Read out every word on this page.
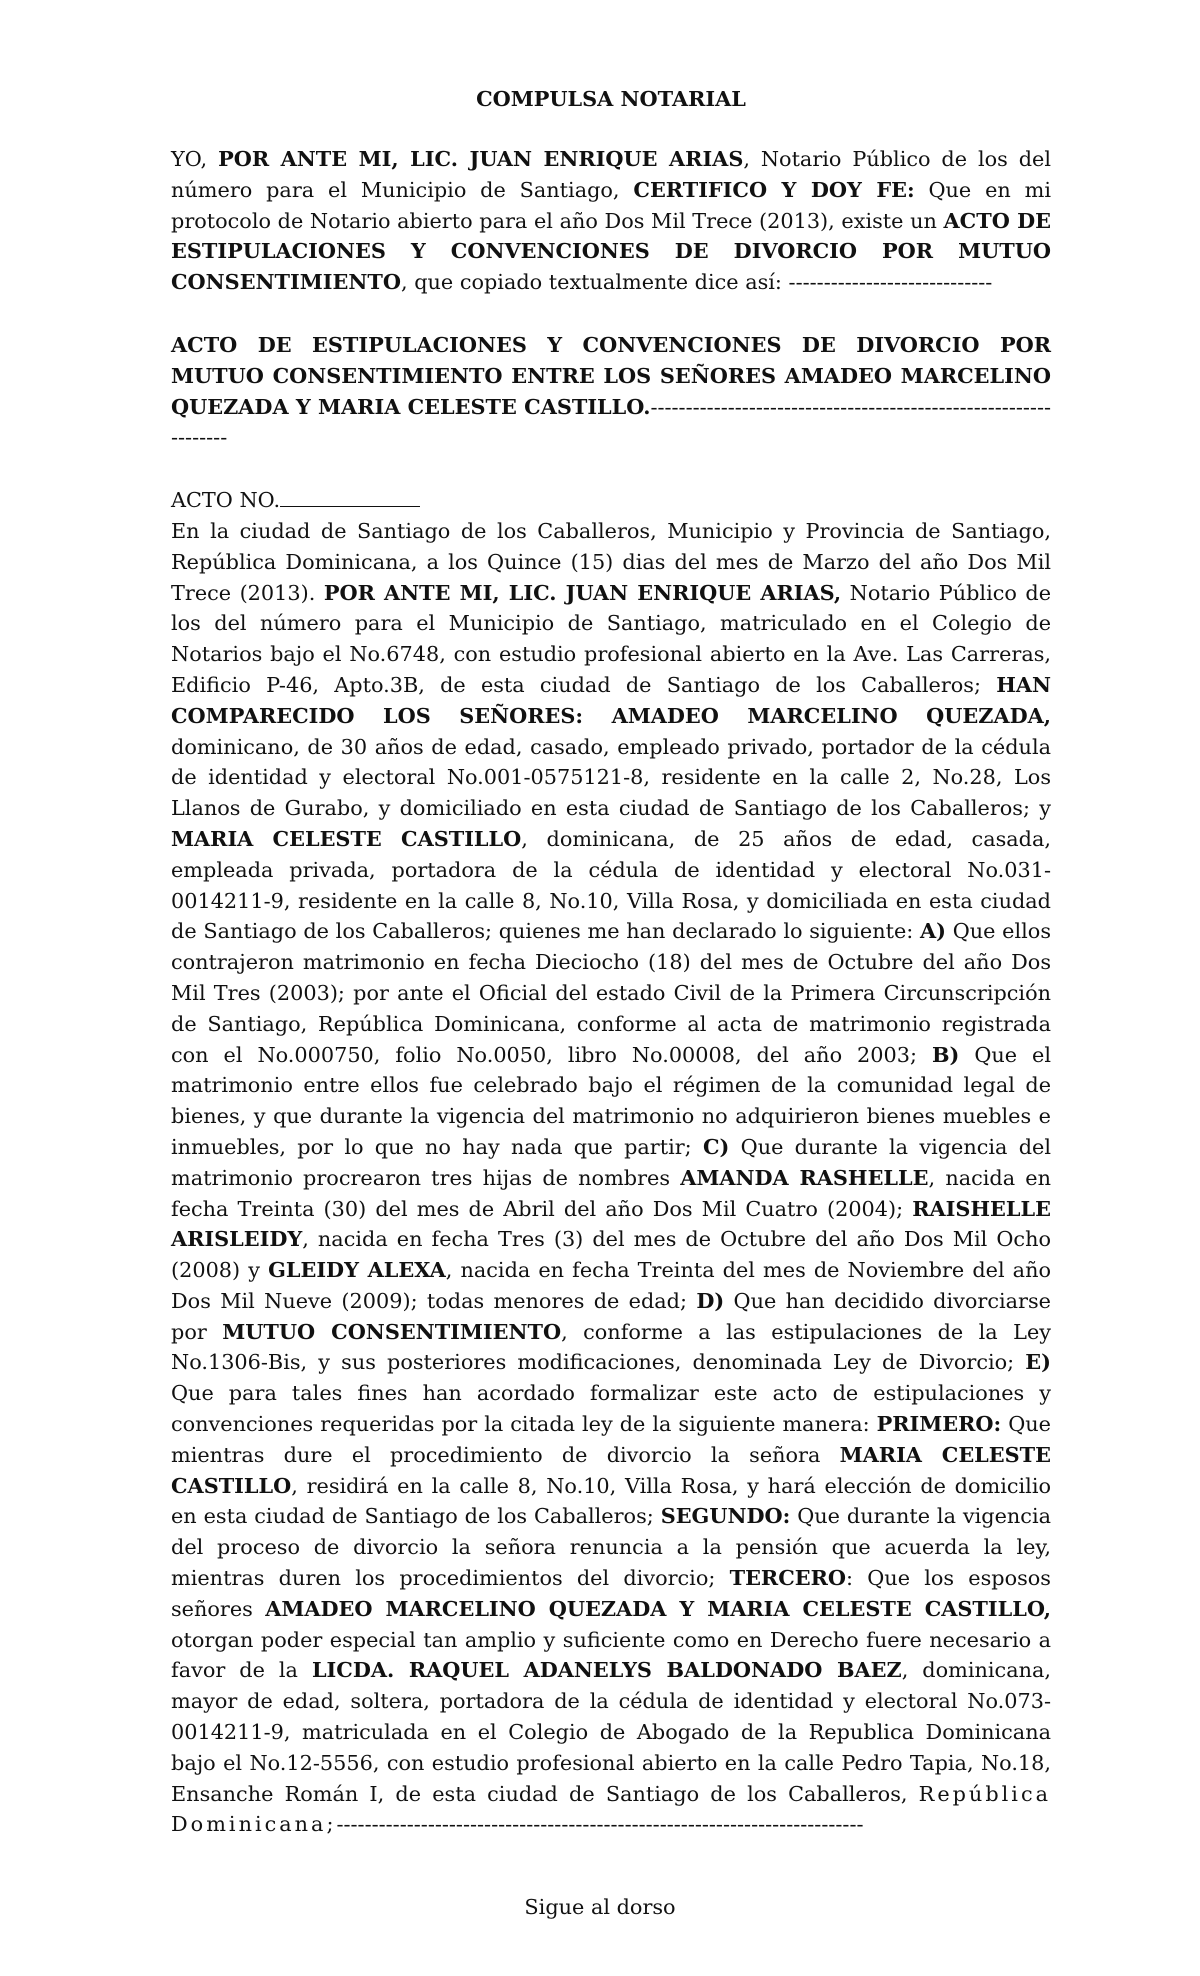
COMPULSA NOTARIAL

YO, POR ANTE MI, LIC. JUAN ENRIQUE ARIAS, Notario Público de los del número para el Municipio de Santiago, CERTIFICO Y DOY FE: Que en mi protocolo de Notario abierto para el año Dos Mil Trece (2013), existe un ACTO DE ESTIPULACIONES Y CONVENCIONES DE DIVORCIO POR MUTUO CONSENTIMIENTO, que copiado textualmente dice así: -----------------------------

ACTO DE ESTIPULACIONES Y CONVENCIONES DE DIVORCIO POR MUTUO CONSENTIMIENTO ENTRE LOS SEÑORES AMADEO MARCELINO QUEZADA Y MARIA CELESTE CASTILLO.-----------------------------------------------------------------

ACTO NO.

En la ciudad de Santiago de los Caballeros, Municipio y Provincia de Santiago, República Dominicana, a los Quince (15) dias del mes de Marzo del año Dos Mil Trece (2013). POR ANTE MI, LIC. JUAN ENRIQUE ARIAS, Notario Público de los del número para el Municipio de Santiago, matriculado en el Colegio de Notarios bajo el No.6748, con estudio profesional abierto en la Ave. Las Carreras, Edificio P-46, Apto.3B, de esta ciudad de Santiago de los Caballeros; HAN COMPARECIDO LOS SEÑORES: AMADEO MARCELINO QUEZADA, dominicano, de 30 años de edad, casado, empleado privado, portador de la cédula de identidad y electoral No.001-0575121-8, residente en la calle 2, No.28, Los Llanos de Gurabo, y domiciliado en esta ciudad de Santiago de los Caballeros; y MARIA CELESTE CASTILLO, dominicana, de 25 años de edad, casada, empleada privada, portadora de la cédula de identidad y electoral No.031-0014211-9, residente en la calle 8, No.10, Villa Rosa, y domiciliada en esta ciudad de Santiago de los Caballeros; quienes me han declarado lo siguiente: A) Que ellos contrajeron matrimonio en fecha Dieciocho (18) del mes de Octubre del año Dos Mil Tres (2003); por ante el Oficial del estado Civil de la Primera Circunscripción de Santiago, República Dominicana, conforme al acta de matrimonio registrada con el No.000750, folio No.0050, libro No.00008, del año 2003; B) Que el matrimonio entre ellos fue celebrado bajo el régimen de la comunidad legal de bienes, y que durante la vigencia del matrimonio no adquirieron bienes muebles e inmuebles, por lo que no hay nada que partir; C) Que durante la vigencia del matrimonio procrearon tres hijas de nombres AMANDA RASHELLE, nacida en fecha Treinta (30) del mes de Abril del año Dos Mil Cuatro (2004); RAISHELLE ARISLEIDY, nacida en fecha Tres (3) del mes de Octubre del año Dos Mil Ocho (2008) y GLEIDY ALEXA, nacida en fecha Treinta del mes de Noviembre del año Dos Mil Nueve (2009); todas menores de edad; D) Que han decidido divorciarse por MUTUO CONSENTIMIENTO, conforme a las estipulaciones de la Ley No.1306-Bis, y sus posteriores modificaciones, denominada Ley de Divorcio; E) Que para tales fines han acordado formalizar este acto de estipulaciones y convenciones requeridas por la citada ley de la siguiente manera: PRIMERO: Que mientras dure el procedimiento de divorcio la señora MARIA CELESTE CASTILLO, residirá en la calle 8, No.10, Villa Rosa, y hará elección de domicilio en esta ciudad de Santiago de los Caballeros; SEGUNDO: Que durante la vigencia del proceso de divorcio la señora renuncia a la pensión que acuerda la ley, mientras duren los procedimientos del divorcio; TERCERO: Que los esposos señores AMADEO MARCELINO QUEZADA Y MARIA CELESTE CASTILLO, otorgan poder especial tan amplio y suficiente como en Derecho fuere necesario a favor de la LICDA. RAQUEL ADANELYS BALDONADO BAEZ, dominicana, mayor de edad, soltera, portadora de la cédula de identidad y electoral No.073-0014211-9, matriculada en el Colegio de Abogado de la Republica Dominicana bajo el No.12-5556, con estudio profesional abierto en la calle Pedro Tapia, No.18, Ensanche Román I, de esta ciudad de Santiago de los Caballeros, República Dominicana;---------------------------------------------------------------------------

Sigue al dorso
